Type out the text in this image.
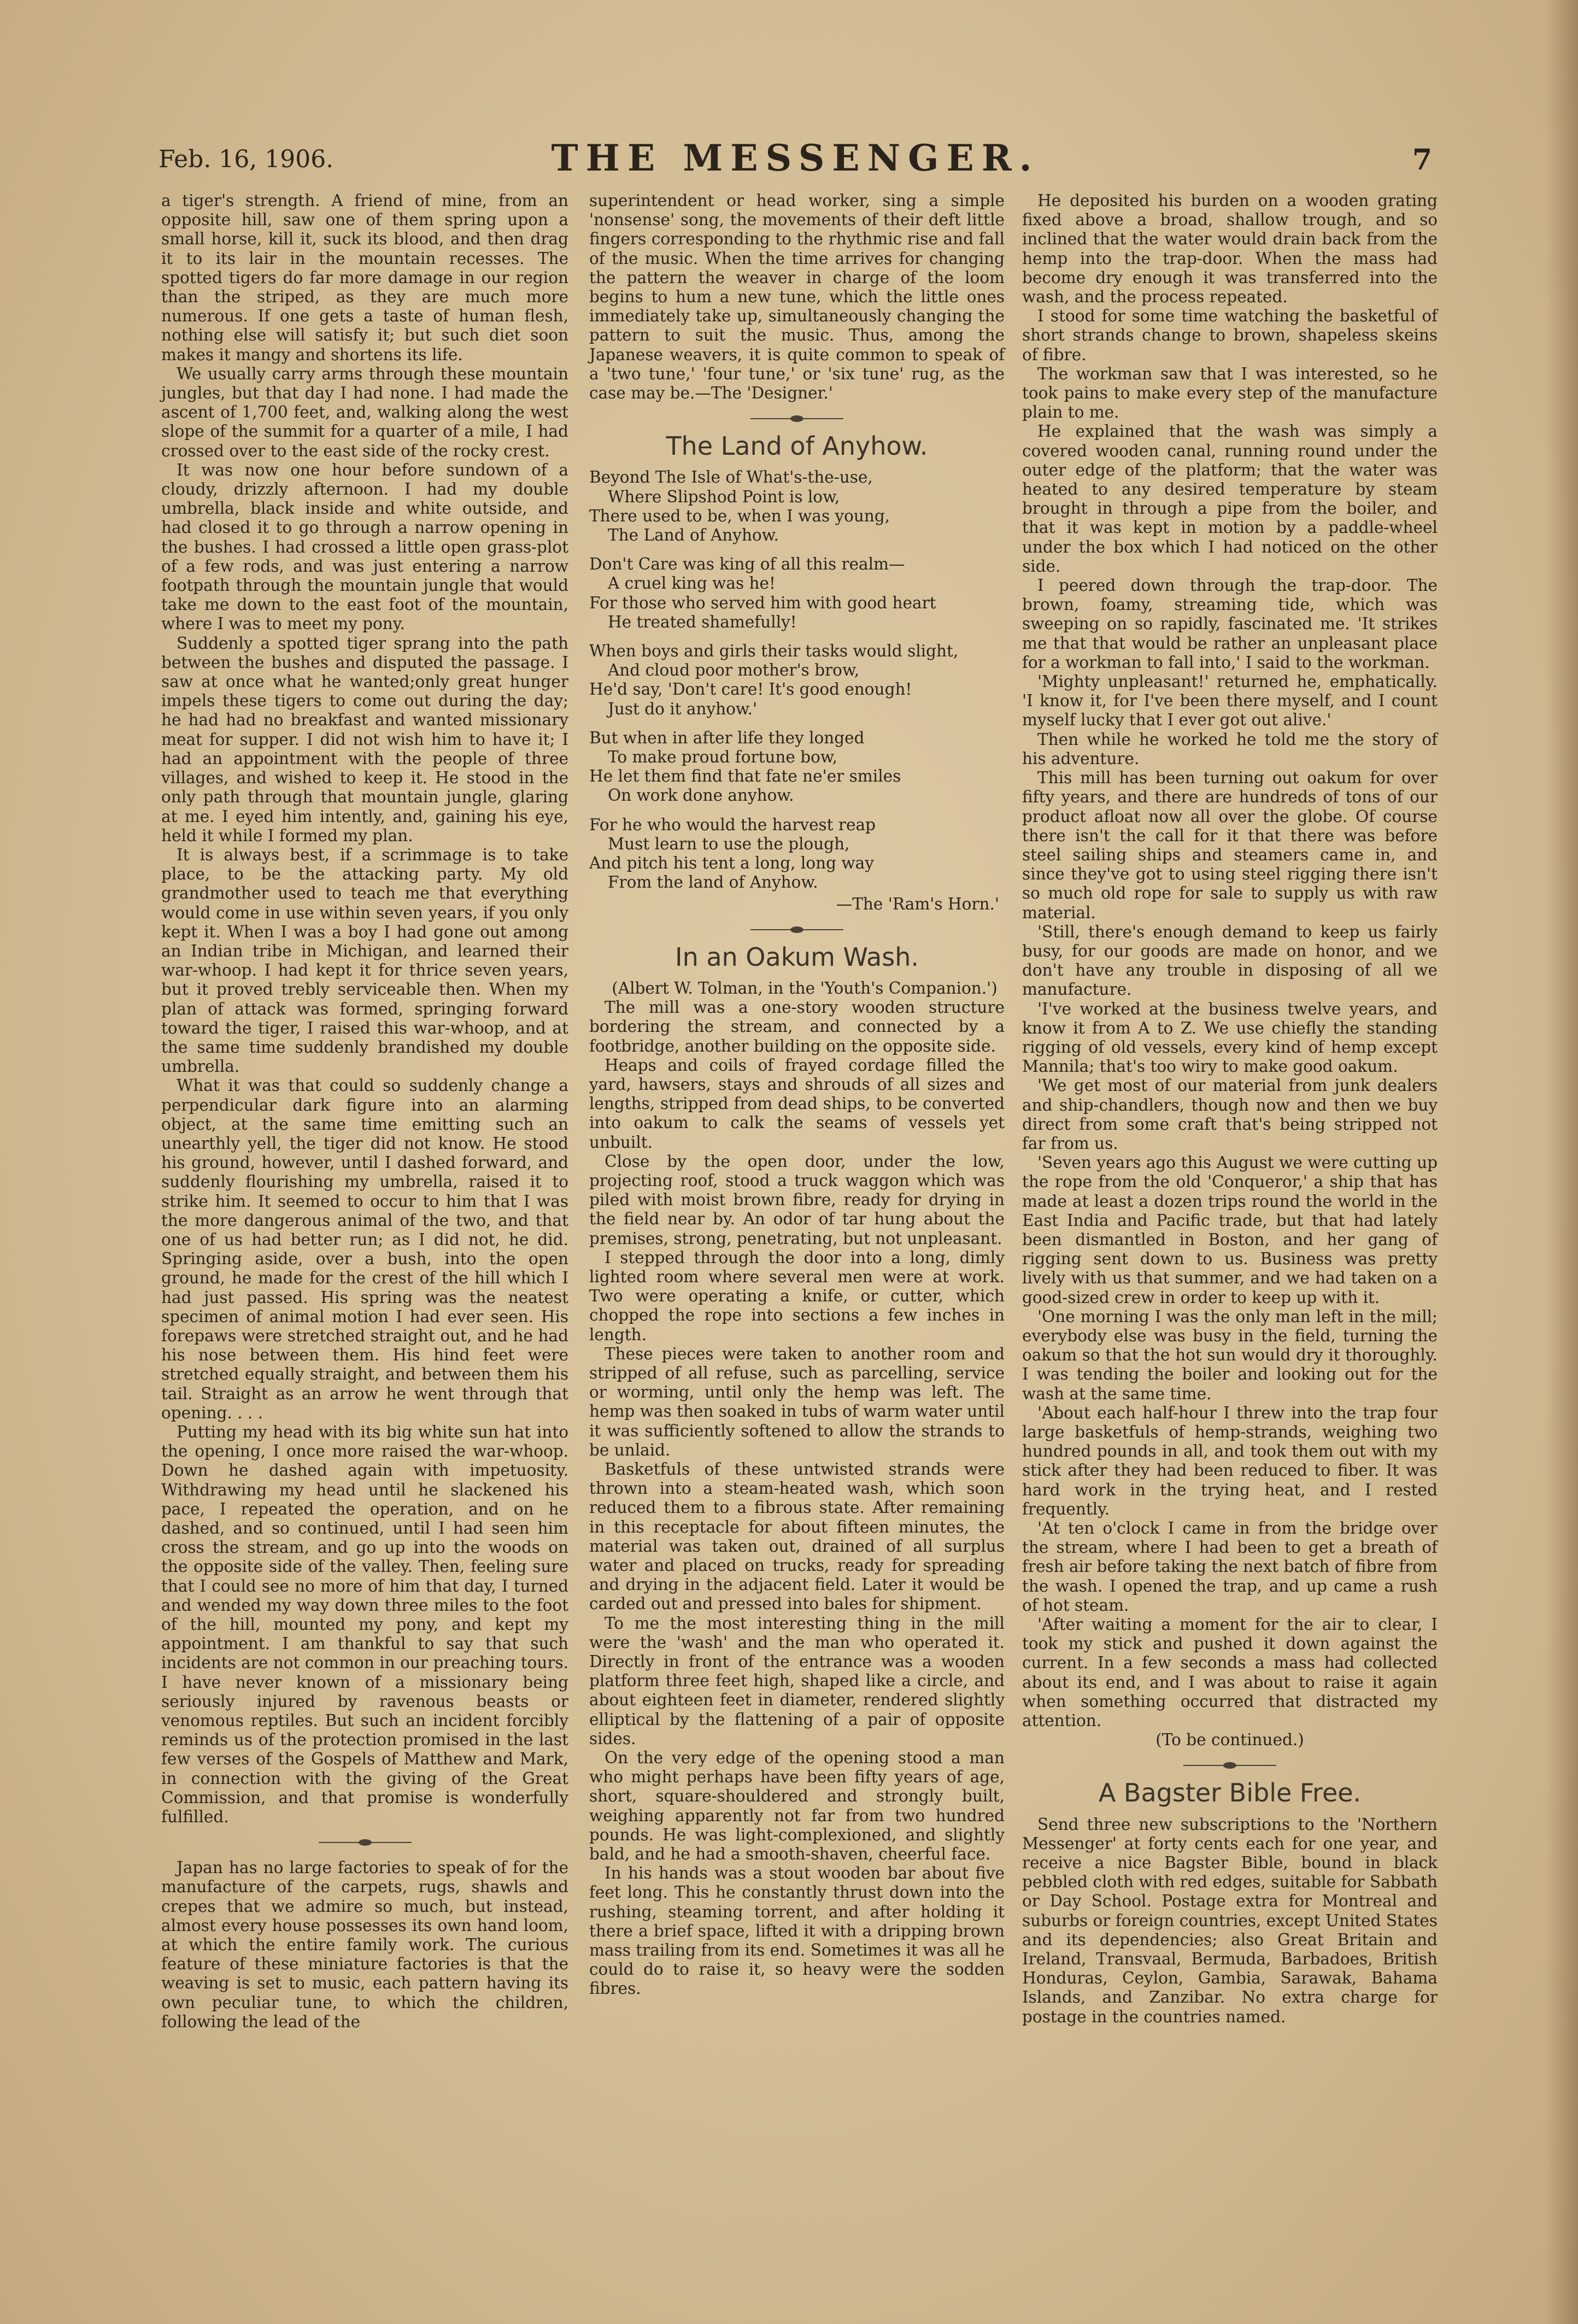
Feb. 16, 1906.	THE MESSENGER.	7

a tiger's strength. A friend of mine, from an opposite hill, saw one of them spring upon a small horse, kill it, suck its blood, and then drag it to its lair in the mountain recesses. The spotted tigers do far more damage in our region than the striped, as they are much more numerous. If one gets a taste of human flesh, nothing else will satisfy it; but such diet soon makes it mangy and shortens its life.

We usually carry arms through these mountain jungles, but that day I had none. I had made the ascent of 1,700 feet, and, walking along the west slope of the summit for a quarter of a mile, I had crossed over to the east side of the rocky crest.

It was now one hour before sundown of a cloudy, drizzly afternoon. I had my double umbrella, black inside and white outside, and had closed it to go through a narrow opening in the bushes. I had crossed a little open grass-plot of a few rods, and was just entering a narrow footpath through the mountain jungle that would take me down to the east foot of the mountain, where I was to meet my pony.

Suddenly a spotted tiger sprang into the path between the bushes and disputed the passage. I saw at once what he wanted;only great hunger impels these tigers to come out during the day; he had had no breakfast and wanted missionary meat for supper. I did not wish him to have it; I had an appointment with the people of three villages, and wished to keep it. He stood in the only path through that mountain jungle, glaring at me. I eyed him intently, and, gaining his eye, held it while I formed my plan.

It is always best, if a scrimmage is to take place, to be the attacking party. My old grandmother used to teach me that everything would come in use within seven years, if you only kept it. When I was a boy I had gone out among an Indian tribe in Michigan, and learned their war-whoop. I had kept it for thrice seven years, but it proved trebly serviceable then. When my plan of attack was formed, springing forward toward the tiger, I raised this war-whoop, and at the same time suddenly brandished my double umbrella.

What it was that could so suddenly change a perpendicular dark figure into an alarming object, at the same time emitting such an unearthly yell, the tiger did not know. He stood his ground, however, until I dashed forward, and suddenly flourishing my umbrella, raised it to strike him. It seemed to occur to him that I was the more dangerous animal of the two, and that one of us had better run; as I did not, he did. Springing aside, over a bush, into the open ground, he made for the crest of the hill which I had just passed. His spring was the neatest specimen of animal motion I had ever seen. His forepaws were stretched straight out, and he had his nose between them. His hind feet were stretched equally straight, and between them his tail. Straight as an arrow he went through that opening. . . .

Putting my head with its big white sun hat into the opening, I once more raised the war-whoop. Down he dashed again with impetuosity. Withdrawing my head until he slackened his pace, I repeated the operation, and on he dashed, and so continued, until I had seen him cross the stream, and go up into the woods on the opposite side of the valley. Then, feeling sure that I could see no more of him that day, I turned and wended my way down three miles to the foot of the hill, mounted my pony, and kept my appointment. I am thankful to say that such incidents are not common in our preaching tours. I have never known of a missionary being seriously injured by ravenous beasts or venomous reptiles. But such an incident forcibly reminds us of the protection promised in the last few verses of the Gospels of Matthew and Mark, in connection with the giving of the Great Commission, and that promise is wonderfully fulfilled.

Japan has no large factories to speak of for the manufacture of the carpets, rugs, shawls and crepes that we admire so much, but instead, almost every house possesses its own hand loom, at which the entire family work. The curious feature of these miniature factories is that the weaving is set to music, each pattern having its own peculiar tune, to which the children, following the lead of the

superintendent or head worker, sing a simple 'nonsense' song, the movements of their deft little fingers corresponding to the rhythmic rise and fall of the music. When the time arrives for changing the pattern the weaver in charge of the loom begins to hum a new tune, which the little ones immediately take up, simultaneously changing the pattern to suit the music. Thus, among the Japanese weavers, it is quite common to speak of a 'two tune,' 'four tune,' or 'six tune' rug, as the case may be.—The 'Designer.'

The Land of Anyhow.

Beyond The Isle of What's-the-use,

Where Slipshod Point is low,

There used to be, when I was young,

The Land of Anyhow.

Don't Care was king of all this realm—

A cruel king was he!

For those who served him with good heart

He treated shamefully!

When boys and girls their tasks would slight,

And cloud poor mother's brow,

He'd say, 'Don't care! It's good enough!

Just do it anyhow.'

But when in after life they longed

To make proud fortune bow,

He let them find that fate ne'er smiles

On work done anyhow.

For he who would the harvest reap

Must learn to use the plough,

And pitch his tent a long, long way

From the land of Anyhow.

—The 'Ram's Horn.'

In an Oakum Wash.

(Albert W. Tolman, in the 'Youth's Companion.')

The mill was a one-story wooden structure bordering the stream, and connected by a footbridge, another building on the opposite side.

Heaps and coils of frayed cordage filled the yard, hawsers, stays and shrouds of all sizes and lengths, stripped from dead ships, to be converted into oakum to calk the seams of vessels yet unbuilt.

Close by the open door, under the low, projecting roof, stood a truck waggon which was piled with moist brown fibre, ready for drying in the field near by. An odor of tar hung about the premises, strong, penetrating, but not unpleasant.

I stepped through the door into a long, dimly lighted room where several men were at work. Two were operating a knife, or cutter, which chopped the rope into sections a few inches in length.

These pieces were taken to another room and stripped of all refuse, such as parcelling, service or worming, until only the hemp was left. The hemp was then soaked in tubs of warm water until it was sufficiently softened to allow the strands to be unlaid.

Basketfuls of these untwisted strands were thrown into a steam-heated wash, which soon reduced them to a fibrous state. After remaining in this receptacle for about fifteen minutes, the material was taken out, drained of all surplus water and placed on trucks, ready for spreading and drying in the adjacent field. Later it would be carded out and pressed into bales for shipment.

To me the most interesting thing in the mill were the 'wash' and the man who operated it. Directly in front of the entrance was a wooden platform three feet high, shaped like a circle, and about eighteen feet in diameter, rendered slightly elliptical by the flattening of a pair of opposite sides.

On the very edge of the opening stood a man who might perhaps have been fifty years of age, short, square-shouldered and strongly built, weighing apparently not far from two hundred pounds. He was light-complexioned, and slightly bald, and he had a smooth-shaven, cheerful face.

In his hands was a stout wooden bar about five feet long. This he constantly thrust down into the rushing, steaming torrent, and after holding it there a brief space, lifted it with a dripping brown mass trailing from its end. Sometimes it was all he could do to raise it, so heavy were the sodden fibres.

He deposited his burden on a wooden grating fixed above a broad, shallow trough, and so inclined that the water would drain back from the hemp into the trap-door. When the mass had become dry enough it was transferred into the wash, and the process repeated.

I stood for some time watching the basketful of short strands change to brown, shapeless skeins of fibre.

The workman saw that I was interested, so he took pains to make every step of the manufacture plain to me.

He explained that the wash was simply a covered wooden canal, running round under the outer edge of the platform; that the water was heated to any desired temperature by steam brought in through a pipe from the boiler, and that it was kept in motion by a paddle-wheel under the box which I had noticed on the other side.

I peered down through the trap-door. The brown, foamy, streaming tide, which was sweeping on so rapidly, fascinated me. 'It strikes me that that would be rather an unpleasant place for a workman to fall into,' I said to the workman.

'Mighty unpleasant!' returned he, emphatically. 'I know it, for I've been there myself, and I count myself lucky that I ever got out alive.'

Then while he worked he told me the story of his adventure.

This mill has been turning out oakum for over fifty years, and there are hundreds of tons of our product afloat now all over the globe. Of course there isn't the call for it that there was before steel sailing ships and steamers came in, and since they've got to using steel rigging there isn't so much old rope for sale to supply us with raw material.

'Still, there's enough demand to keep us fairly busy, for our goods are made on honor, and we don't have any trouble in disposing of all we manufacture.

'I've worked at the business twelve years, and know it from A to Z. We use chiefly the standing rigging of old vessels, every kind of hemp except Mannila; that's too wiry to make good oakum.

'We get most of our material from junk dealers and ship-chandlers, though now and then we buy direct from some craft that's being stripped not far from us.

'Seven years ago this August we were cutting up the rope from the old 'Conqueror,' a ship that has made at least a dozen trips round the world in the East India and Pacific trade, but that had lately been dismantled in Boston, and her gang of rigging sent down to us. Business was pretty lively with us that summer, and we had taken on a good-sized crew in order to keep up with it.

'One morning I was the only man left in the mill; everybody else was busy in the field, turning the oakum so that the hot sun would dry it thoroughly. I was tending the boiler and looking out for the wash at the same time.

'About each half-hour I threw into the trap four large basketfuls of hemp-strands, weighing two hundred pounds in all, and took them out with my stick after they had been reduced to fiber. It was hard work in the trying heat, and I rested frequently.

'At ten o'clock I came in from the bridge over the stream, where I had been to get a breath of fresh air before taking the next batch of fibre from the wash. I opened the trap, and up came a rush of hot steam.

'After waiting a moment for the air to clear, I took my stick and pushed it down against the current. In a few seconds a mass had collected about its end, and I was about to raise it again when something occurred that distracted my attention.

(To be continued.)

A Bagster Bible Free.

Send three new subscriptions to the 'Northern Messenger' at forty cents each for one year, and receive a nice Bagster Bible, bound in black pebbled cloth with red edges, suitable for Sabbath or Day School. Postage extra for Montreal and suburbs or foreign countries, except United States and its dependencies; also Great Britain and Ireland, Transvaal, Bermuda, Barbadoes, British Honduras, Ceylon, Gambia, Sarawak, Bahama Islands, and Zanzibar. No extra charge for postage in the countries named.
